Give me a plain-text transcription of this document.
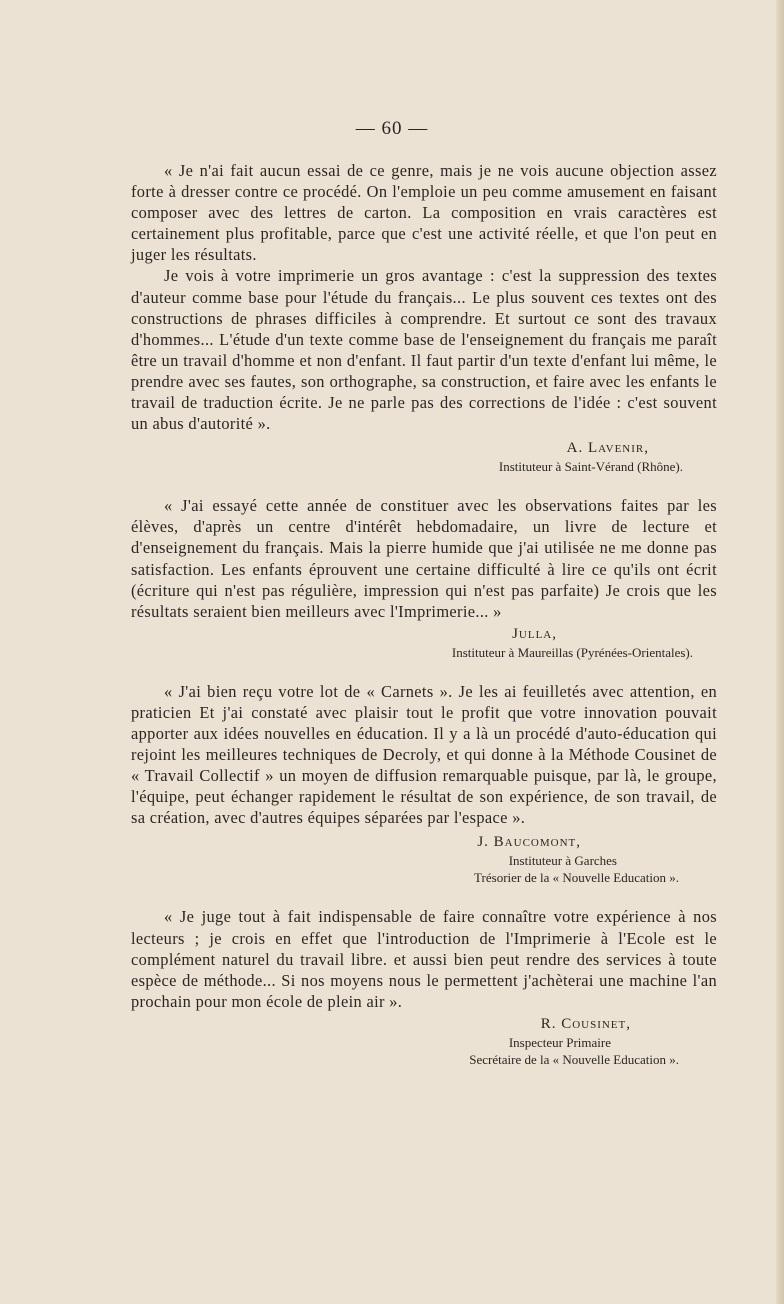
— 60 —

« Je n'ai fait aucun essai de ce genre, mais je ne vois aucune objection assez forte à dresser contre ce procédé. On l'emploie un peu comme amusement en faisant composer avec des lettres de carton. La composition en vrais caractères est certainement plus profitable, parce que c'est une activité réelle, et que l'on peut en juger les résultats.

Je vois à votre imprimerie un gros avantage : c'est la suppression des textes d'auteur comme base pour l'étude du français... Le plus souvent ces textes ont des constructions de phrases difficiles à comprendre. Et surtout ce sont des travaux d'hommes... L'étude d'un texte comme base de l'enseignement du français me paraît être un travail d'homme et non d'enfant. Il faut partir d'un texte d'enfant lui même, le prendre avec ses fautes, son orthographe, sa construction, et faire avec les enfants le travail de traduction écrite. Je ne parle pas des corrections de l'idée : c'est souvent un abus d'autorité ».

A. Lavenir,
Instituteur à Saint-Vérand (Rhône).

« J'ai essayé cette année de constituer avec les observations faites par les élèves, d'après un centre d'intérêt hebdomadaire, un livre de lecture et d'enseignement du français. Mais la pierre humide que j'ai utilisée ne me donne pas satisfaction. Les enfants éprouvent une certaine difficulté à lire ce qu'ils ont écrit (écriture qui n'est pas régulière, impression qui n'est pas parfaite) Je crois que les résultats seraient bien meilleurs avec l'Imprimerie... »

Julla,
Instituteur à Maureillas (Pyrénées-Orientales).

« J'ai bien reçu votre lot de « Carnets ». Je les ai feuilletés avec attention, en praticien Et j'ai constaté avec plaisir tout le profit que votre innovation pouvait apporter aux idées nouvelles en éducation. Il y a là un procédé d'auto-éducation qui rejoint les meilleures techniques de Decroly, et qui donne à la Méthode Cousinet de « Travail Collectif » un moyen de diffusion remarquable puisque, par là, le groupe, l'équipe, peut échanger rapidement le résultat de son expérience, de son travail, de sa création, avec d'autres équipes séparées par l'espace ».

J. Baucomont,
Instituteur à Garches
Trésorier de la « Nouvelle Education ».

« Je juge tout à fait indispensable de faire connaître votre expérience à nos lecteurs ; je crois en effet que l'introduction de l'Imprimerie à l'Ecole est le complément naturel du travail libre. et aussi bien peut rendre des services à toute espèce de méthode... Si nos moyens nous le permettent j'achèterai une machine l'an prochain pour mon école de plein air ».

R. Cousinet,
Inspecteur Primaire
Secrétaire de la « Nouvelle Education ».
